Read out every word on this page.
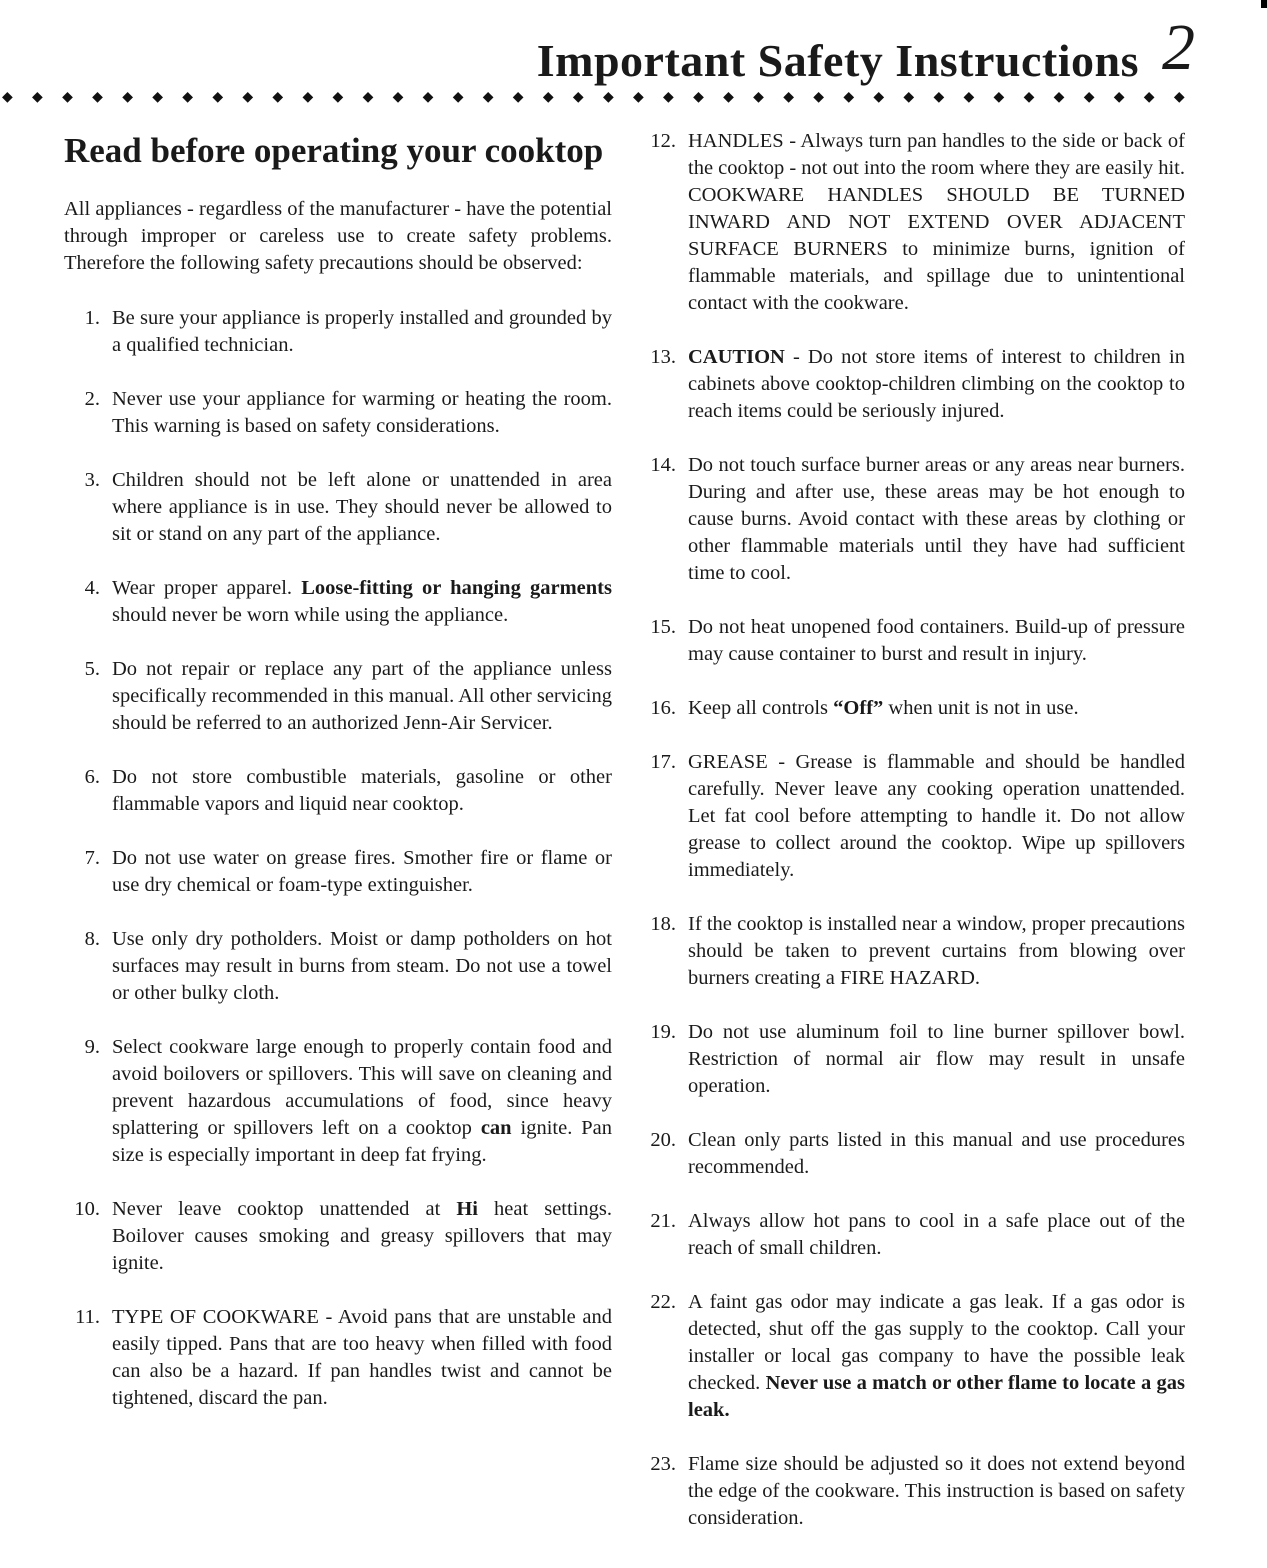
Important Safety Instructions 2
◆ ◆ ◆ ◆ ◆ ◆ ◆ ◆ ◆ ◆ ◆ ◆ ◆ ◆ ◆ ◆ ◆ ◆ ◆ ◆ ◆ ◆ ◆ ◆ ◆ ◆ ◆ ◆ ◆ ◆ ◆ ◆ ◆ ◆ ◆ ◆ ◆ ◆ ◆ ◆
Read before operating your cooktop

All appliances - regardless of the manufacturer - have the potential through improper or careless use to create safety problems. Therefore the following safety precautions should be observed:

1. Be sure your appliance is properly installed and grounded by a qualified technician.
2. Never use your appliance for warming or heating the room. This warning is based on safety considerations.
3. Children should not be left alone or unattended in area where appliance is in use. They should never be allowed to sit or stand on any part of the appliance.
4. Wear proper apparel. Loose-fitting or hanging garments should never be worn while using the appliance.
5. Do not repair or replace any part of the appliance unless specifically recommended in this manual. All other servicing should be referred to an authorized Jenn-Air Servicer.
6. Do not store combustible materials, gasoline or other flammable vapors and liquid near cooktop.
7. Do not use water on grease fires. Smother fire or flame or use dry chemical or foam-type extinguisher.
8. Use only dry potholders. Moist or damp potholders on hot surfaces may result in burns from steam. Do not use a towel or other bulky cloth.
9. Select cookware large enough to properly contain food and avoid boilovers or spillovers. This will save on cleaning and prevent hazardous accumulations of food, since heavy splattering or spillovers left on a cooktop can ignite. Pan size is especially important in deep fat frying.
10. Never leave cooktop unattended at Hi heat settings. Boilover causes smoking and greasy spillovers that may ignite.
11. TYPE OF COOKWARE - Avoid pans that are unstable and easily tipped. Pans that are too heavy when filled with food can also be a hazard. If pan handles twist and cannot be tightened, discard the pan.
12. HANDLES - Always turn pan handles to the side or back of the cooktop - not out into the room where they are easily hit. COOKWARE HANDLES SHOULD BE TURNED INWARD AND NOT EXTEND OVER ADJACENT SURFACE BURNERS to minimize burns, ignition of flammable materials, and spillage due to unintentional contact with the cookware.
13. CAUTION - Do not store items of interest to children in cabinets above cooktop-children climbing on the cooktop to reach items could be seriously injured.
14. Do not touch surface burner areas or any areas near burners. During and after use, these areas may be hot enough to cause burns. Avoid contact with these areas by clothing or other flammable materials until they have had sufficient time to cool.
15. Do not heat unopened food containers. Build-up of pressure may cause container to burst and result in injury.
16. Keep all controls “Off” when unit is not in use.
17. GREASE - Grease is flammable and should be handled carefully. Never leave any cooking operation unattended. Let fat cool before attempting to handle it. Do not allow grease to collect around the cooktop. Wipe up spillovers immediately.
18. If the cooktop is installed near a window, proper precautions should be taken to prevent curtains from blowing over burners creating a FIRE HAZARD.
19. Do not use aluminum foil to line burner spillover bowl. Restriction of normal air flow may result in unsafe operation.
20. Clean only parts listed in this manual and use procedures recommended.
21. Always allow hot pans to cool in a safe place out of the reach of small children.
22. A faint gas odor may indicate a gas leak. If a gas odor is detected, shut off the gas supply to the cooktop. Call your installer or local gas company to have the possible leak checked. Never use a match or other flame to locate a gas leak.
23. Flame size should be adjusted so it does not extend beyond the edge of the cookware. This instruction is based on safety consideration.
